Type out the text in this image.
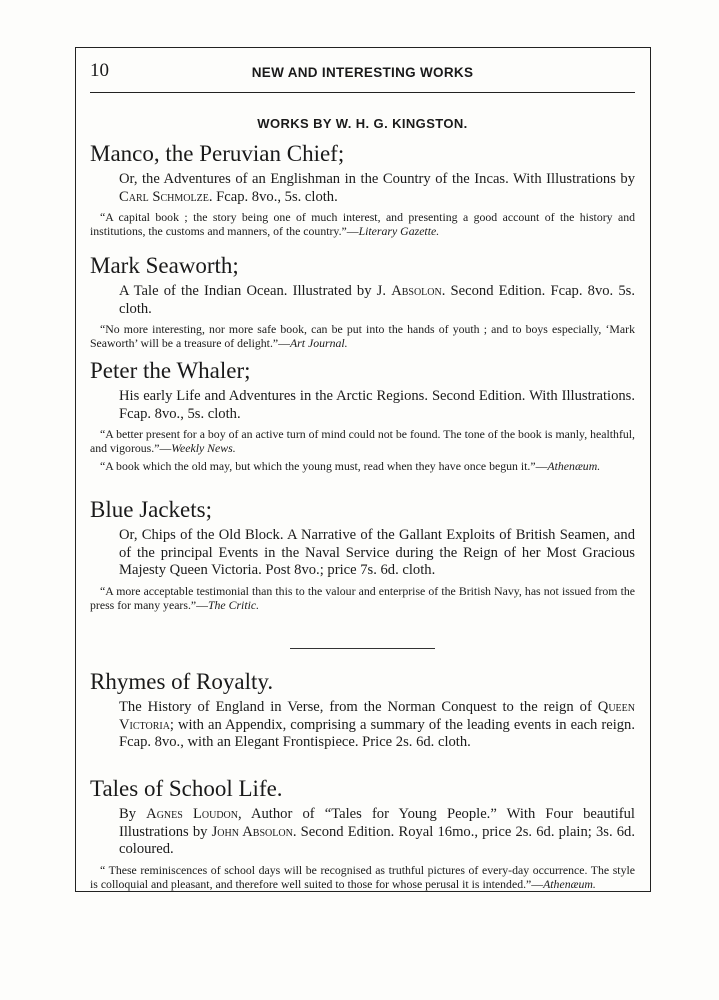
10	NEW AND INTERESTING WORKS
WORKS BY W. H. G. KINGSTON.
Manco, the Peruvian Chief;

Or, the Adventures of an Englishman in the Country of the Incas. With Illustrations by Carl Schmolze. Fcap. 8vo., 5s. cloth.

“A capital book ; the story being one of much interest, and presenting a good account of the history and institutions, the customs and manners, of the country.”—Literary Gazette.

Mark Seaworth;

A Tale of the Indian Ocean. Illustrated by J. Absolon. Second Edition. Fcap. 8vo. 5s. cloth.

“No more interesting, nor more safe book, can be put into the hands of youth ; and to boys especially, ‘Mark Seaworth’ will be a treasure of delight.”—Art Journal.

Peter the Whaler;

His early Life and Adventures in the Arctic Regions. Second Edition. With Illustrations. Fcap. 8vo., 5s. cloth.

“A better present for a boy of an active turn of mind could not be found. The tone of the book is manly, healthful, and vigorous.”—Weekly News.

“A book which the old may, but which the young must, read when they have once begun it.”—Athenæum.

Blue Jackets;

Or, Chips of the Old Block. A Narrative of the Gallant Exploits of British Seamen, and of the principal Events in the Naval Service during the Reign of her Most Gracious Majesty Queen Victoria. Post 8vo.; price 7s. 6d. cloth.

“A more acceptable testimonial than this to the valour and enterprise of the British Navy, has not issued from the press for many years.”—The Critic.

Rhymes of Royalty.

The History of England in Verse, from the Norman Conquest to the reign of Queen Victoria; with an Appendix, comprising a summary of the leading events in each reign. Fcap. 8vo., with an Elegant Frontispiece. Price 2s. 6d. cloth.

Tales of School Life.

By Agnes Loudon, Author of “Tales for Young People.” With Four beautiful Illustrations by John Absolon. Second Edition. Royal 16mo., price 2s. 6d. plain; 3s. 6d. coloured.

“ These reminiscences of school days will be recognised as truthful pictures of every-day occurrence. The style is colloquial and pleasant, and therefore well suited to those for whose perusal it is intended.”—Athenæum.
